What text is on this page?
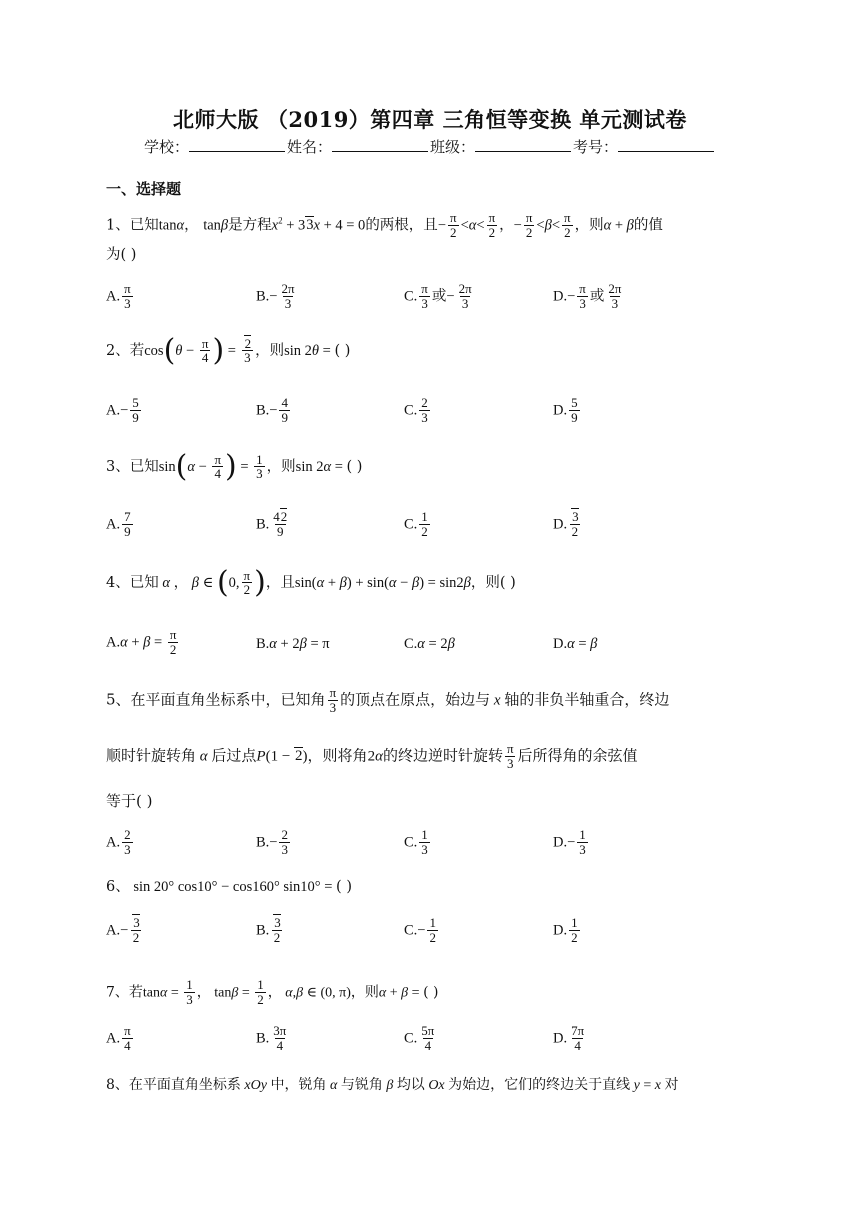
北师大版 （2019）第四章 三角恒等变换 单元测试卷
学校：	姓名：	班级：	考号：
一、选择题
1、已知tanα， tanβ是方程$x^2 + 33x + 4 = 0$的两根，且− $\frac{\pi}{2} <\alpha< \frac{\pi}{2}$ ，− $\frac{\pi}{2} <\beta< \frac{\pi}{2}$ ，则α + β的值
为( )
A. $\frac{\pi}{3}$	$B.- \frac{2\pi}{3}$	C. $\frac{\pi}{3}$ 或− $\frac{2\pi}{3}$	$D.- \frac{\pi}{3}$ 或 $\frac{2\pi}{3}$
2、若$\cos(\theta - \frac{\pi}{4}$ ) = $\frac{2}{3}$ ，则sin 2θ = ( )
$A.- \frac{5}{9}$	$B.- \frac{4}{9}$	C. $\frac{2}{3}$	D. $\frac{5}{9}$
3、已知$\sin(\alpha - \frac{\pi}{4}$ ) = $\frac{1}{3}$ ，则sin 2α = ( )
A. $\frac{7}{9}$	B. $\frac{42}{9}$	C. $\frac{1}{2}$	D. $\frac{3}{2}$
4、已知 α ， β ∈ (0, $\frac{\pi}{2}$ )，且sin(α + β) + sin(α − β) = sin2β，则( )
$A.\alpha + \beta = \frac{\pi}{2}$	B.α + 2β = π	C.α = 2β	D.α = β
5、在平面直角坐标系中，已知角 $\frac{\pi}{3}$ 的顶点在原点，始边与 x 轴的非负半轴重合，终边
顺时针旋转角 α 后过点P(1 − 2)，则将角2α的终边逆时针旋转 $\frac{\pi}{3}$ 后所得角的余弦值
等于( )
A. $\frac{2}{3}$	$B.- \frac{2}{3}$	C. $\frac{1}{3}$	$D.- \frac{1}{3}$
6、 sin 20° cos10° − cos160° sin10° = ( )
$A.- \frac{3}{2}$	B. $\frac{3}{2}$	$C.- \frac{1}{2}$	D. $\frac{1}{2}$
7、若$\tan\alpha = \frac{1}{3}$ ， $\tan\beta = \frac{1}{2}$ ， α,β ∈ (0, π)，则α + β = ( )
A. $\frac{\pi}{4}$	B. $\frac{3\pi}{4}$	C. $\frac{5\pi}{4}$	D. $\frac{7\pi}{4}$
8、在平面直角坐标系 xOy 中，锐角 α 与锐角 β 均以 Ox 为始边，它们的终边关于直线 y = x 对
